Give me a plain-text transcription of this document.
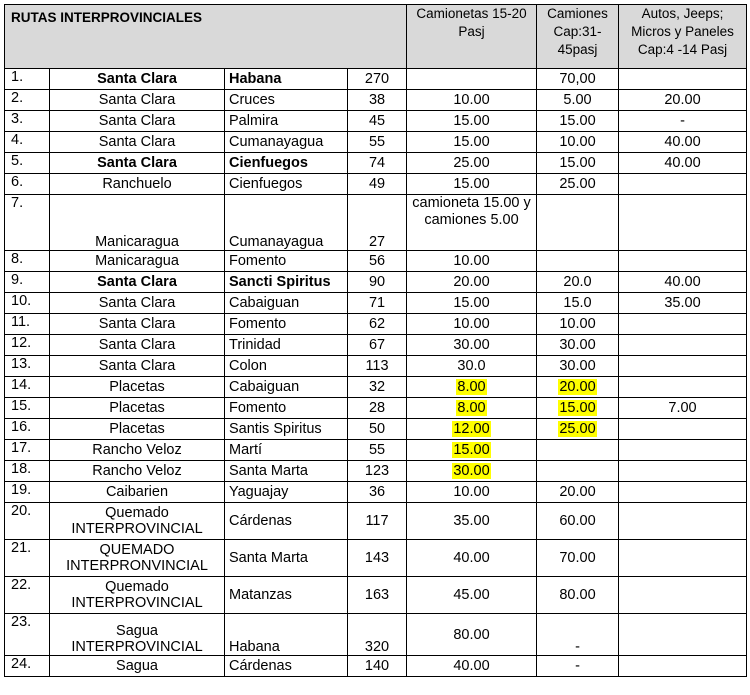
RUTAS INTERPROVINCIALES				Camionetas 15-20 Pasj	Camiones Cap:31-45pasj	Autos, Jeeps; Micros y Paneles Cap:4 -14 Pasj
1.	Santa Clara	Habana	270		70,00	
2.	Santa Clara	Cruces	38	10.00	5.00	20.00
3.	Santa Clara	Palmira	45	15.00	15.00	-
4.	Santa Clara	Cumanayagua	55	15.00	10.00	40.00
5.	Santa Clara	Cienfuegos	74	25.00	15.00	40.00
6.	Ranchuelo	Cienfuegos	49	15.00	25.00	
7.	Manicaragua	Cumanayagua	27	camioneta 15.00 y camiones 5.00		
8.	Manicaragua	Fomento	56	10.00		
9.	Santa Clara	Sancti Spiritus	90	20.00	20.0	40.00
10.	Santa Clara	Cabaiguan	71	15.00	15.0	35.00
11.	Santa Clara	Fomento	62	10.00	10.00	
12.	Santa Clara	Trinidad	67	30.00	30.00	
13.	Santa Clara	Colon	113	30.0	30.00	
14.	Placetas	Cabaiguan	32	8.00	20.00	
15.	Placetas	Fomento	28	8.00	15.00	7.00
16.	Placetas	Santis Spiritus	50	12.00	25.00	
17.	Rancho Veloz	Martí	55	15.00		
18.	Rancho Veloz	Santa Marta	123	30.00		
19.	Caibarien	Yaguajay	36	10.00	20.00	
20.	Quemado INTERPROVINCIAL	Cárdenas	117	35.00	60.00	
21.	QUEMADO INTERPRONVINCIAL	Santa Marta	143	40.00	70.00	
22.	Quemado INTERPROVINCIAL	Matanzas	163	45.00	80.00	
23.	Sagua INTERPROVINCIAL	Habana	320	80.00	-	
24.	Sagua	Cárdenas	140	40.00	-	
